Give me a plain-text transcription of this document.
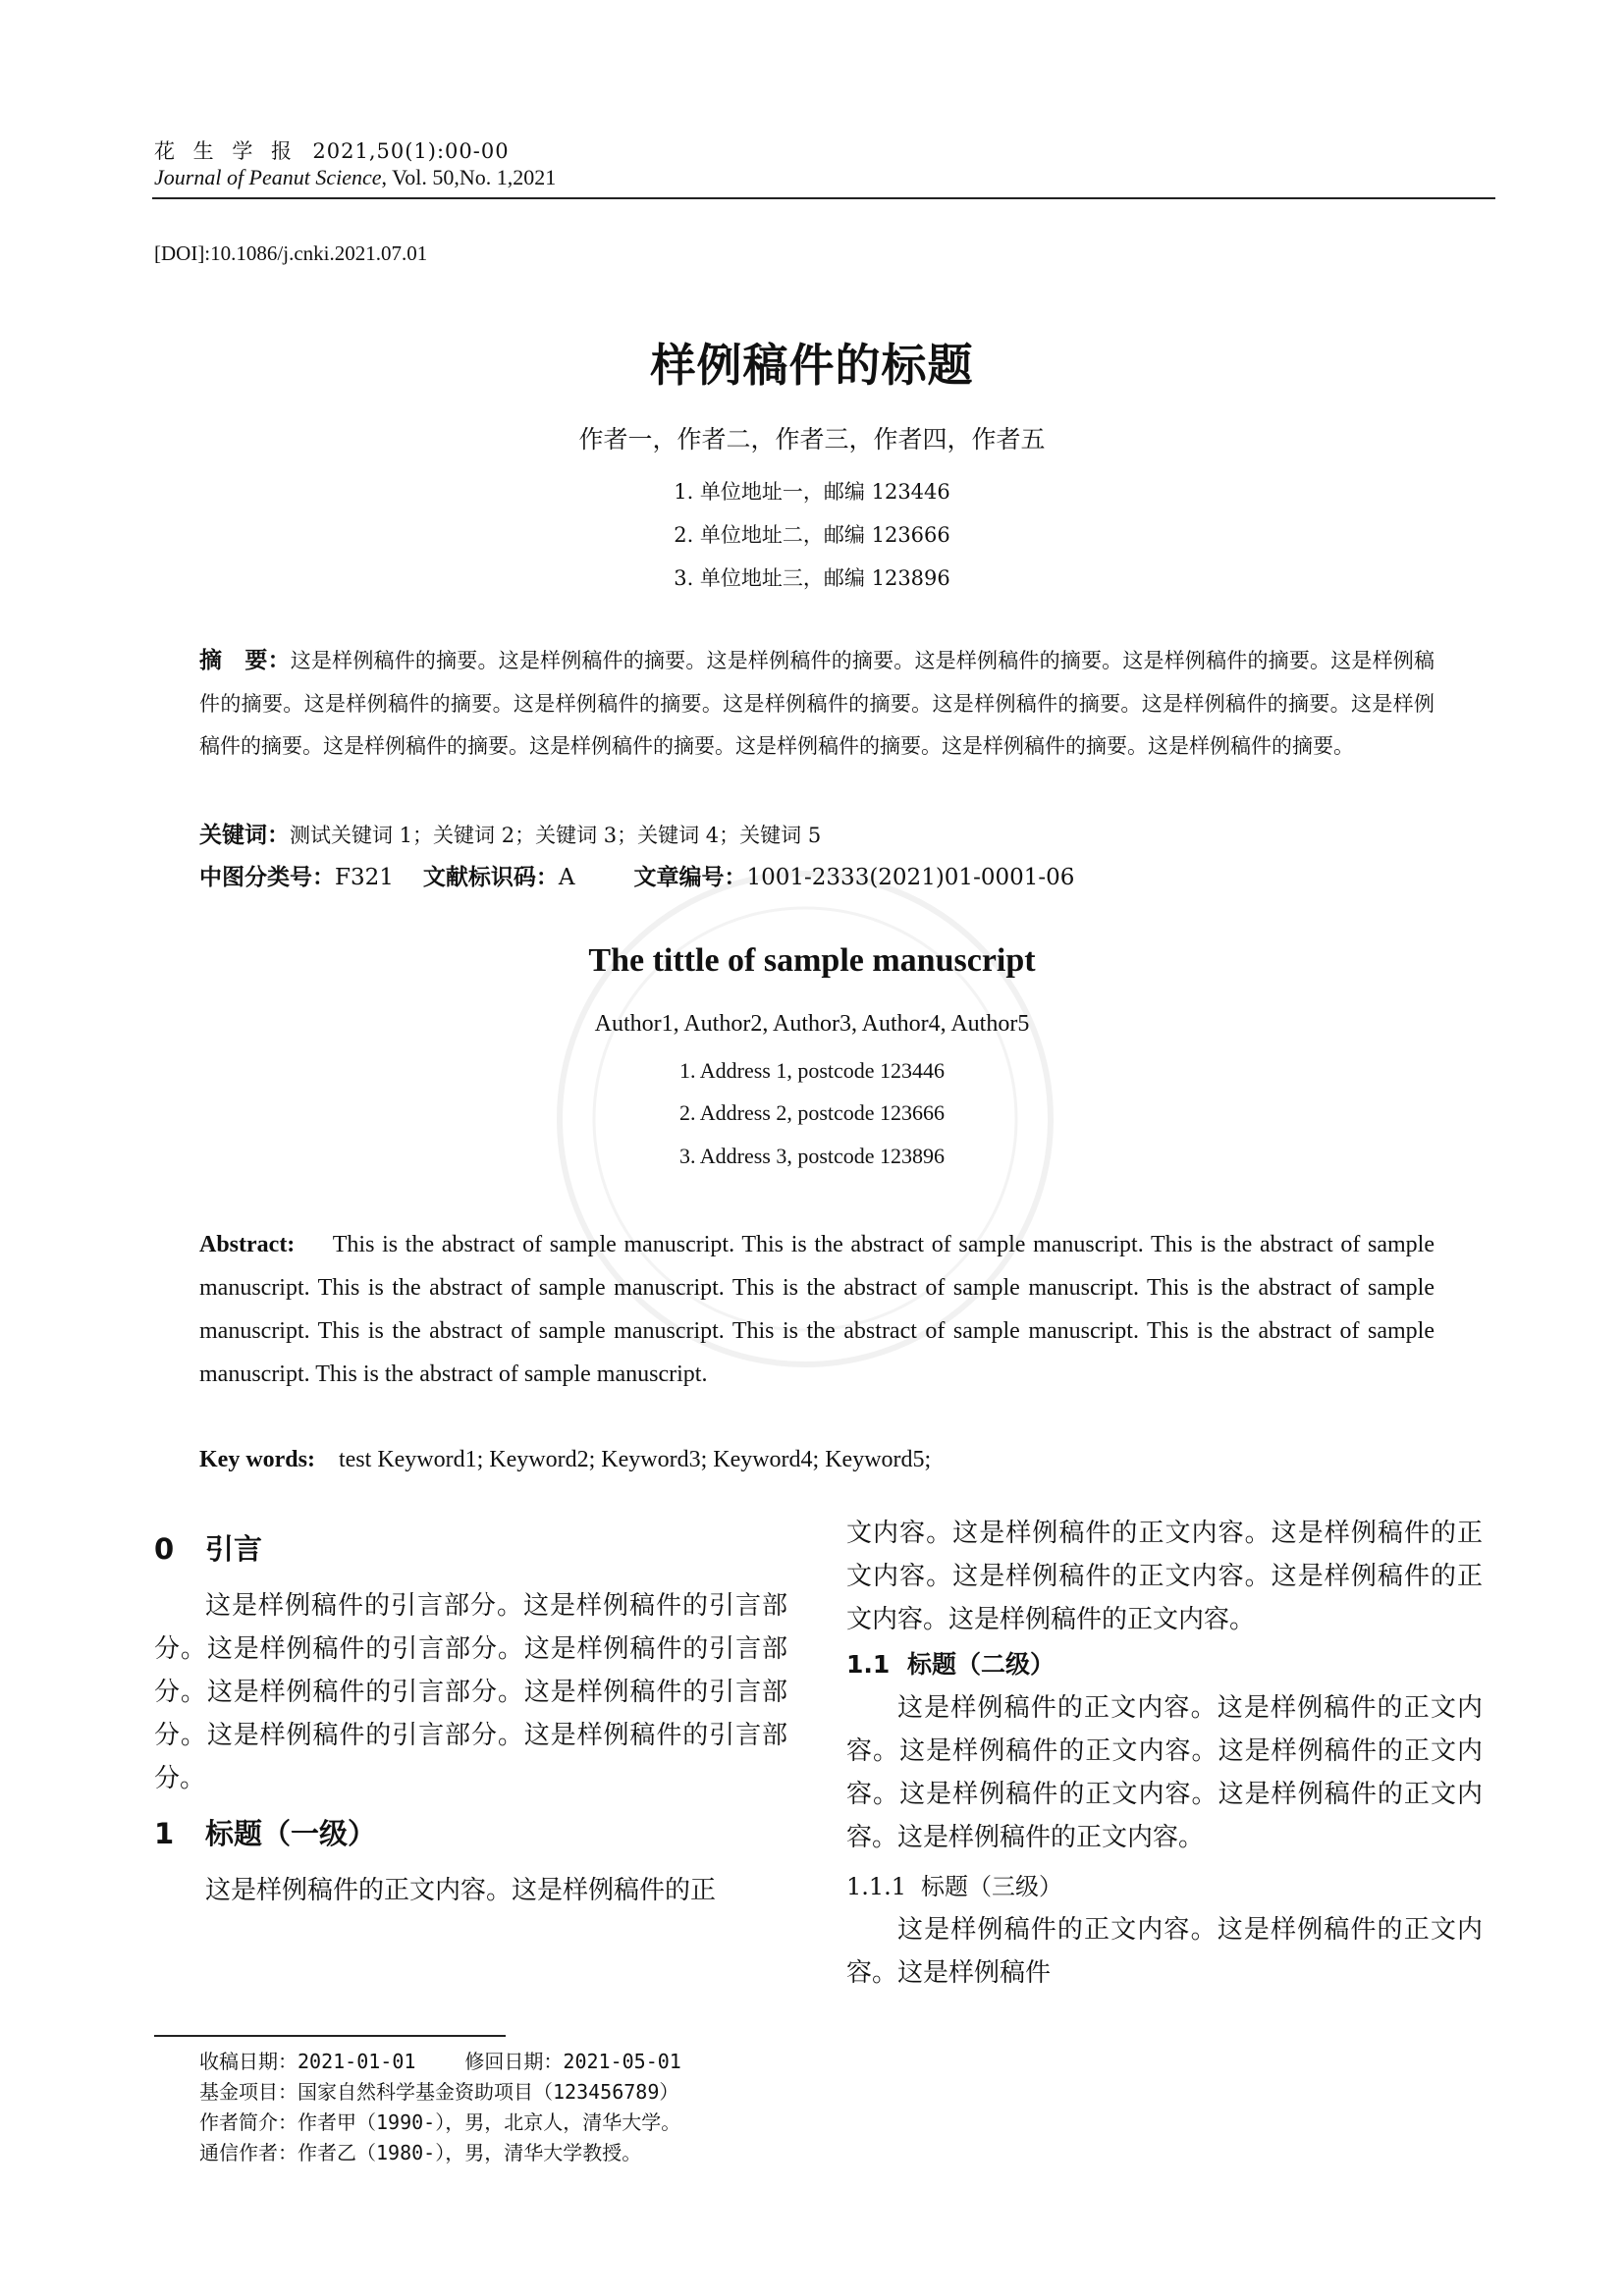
花 生 学 报 2021,50(1):00-00
Journal of Peanut Science, Vol. 50,No. 1,2021
[DOI]:10.1086/j.cnki.2021.07.01
样例稿件的标题
作者一，作者二，作者三，作者四，作者五
1. 单位地址一，邮编 123446
2. 单位地址二，邮编 123666
3. 单位地址三，邮编 123896
摘　要：这是样例稿件的摘要。这是样例稿件的摘要。这是样例稿件的摘要。这是样例稿件的摘要。这是样例稿件的摘要。这是样例稿件的摘要。这是样例稿件的摘要。这是样例稿件的摘要。这是样例稿件的摘要。这是样例稿件的摘要。这是样例稿件的摘要。这是样例稿件的摘要。这是样例稿件的摘要。这是样例稿件的摘要。这是样例稿件的摘要。这是样例稿件的摘要。这是样例稿件的摘要。
关键词：测试关键词 1；关键词 2；关键词 3；关键词 4；关键词 5
中图分类号：F321 文献标识码：A	文章编号：1001-2333(2021)01-0001-06
The tittle of sample manuscript
Author1, Author2, Author3, Author4, Author5
1. Address 1, postcode 123446
2. Address 2, postcode 123666
3. Address 3, postcode 123896
Abstract: This is the abstract of sample manuscript. This is the abstract of sample manuscript. This is the abstract of sample manuscript. This is the abstract of sample manuscript. This is the abstract of sample manuscript. This is the abstract of sample manuscript. This is the abstract of sample manuscript. This is the abstract of sample manuscript. This is the abstract of sample manuscript. This is the abstract of sample manuscript.
Key words: test Keyword1; Keyword2; Keyword3; Keyword4; Keyword5;
0 引言

这是样例稿件的引言部分。这是样例稿件的引言部分。这是样例稿件的引言部分。这是样例稿件的引言部分。这是样例稿件的引言部分。这是样例稿件的引言部分。这是样例稿件的引言部分。这是样例稿件的引言部分。

1 标题（一级）

这是样例稿件的正文内容。这是样例稿件的正

文内容。这是样例稿件的正文内容。这是样例稿件的正文内容。这是样例稿件的正文内容。这是样例稿件的正文内容。这是样例稿件的正文内容。

1.1 标题（二级）

这是样例稿件的正文内容。这是样例稿件的正文内容。这是样例稿件的正文内容。这是样例稿件的正文内容。这是样例稿件的正文内容。这是样例稿件的正文内容。这是样例稿件的正文内容。

1.1.1 标题（三级）

这是样例稿件的正文内容。这是样例稿件的正文内容。这是样例稿件

收稿日期：2021-01-01	修回日期：2021-05-01
基金项目：国家自然科学基金资助项目（123456789）
作者简介：作者甲（1990-），男，北京人，清华大学。
通信作者：作者乙（1980-），男，清华大学教授。
